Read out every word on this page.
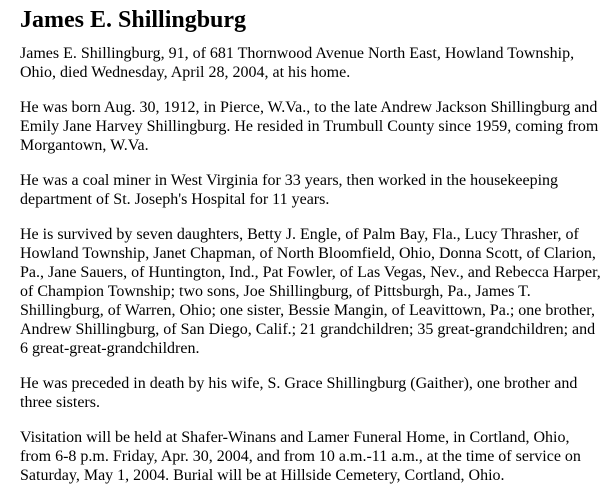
James E. Shillingburg

James E. Shillingburg, 91, of 681 Thornwood Avenue North East, Howland Township, Ohio, died Wednesday, April 28, 2004, at his home.

He was born Aug. 30, 1912, in Pierce, W.Va., to the late Andrew Jackson Shillingburg and Emily Jane Harvey Shillingburg. He resided in Trumbull County since 1959, coming from Morgantown, W.Va.

He was a coal miner in West Virginia for 33 years, then worked in the housekeeping department of St. Joseph's Hospital for 11 years.

He is survived by seven daughters, Betty J. Engle, of Palm Bay, Fla., Lucy Thrasher, of Howland Township, Janet Chapman, of North Bloomfield, Ohio, Donna Scott, of Clarion, Pa., Jane Sauers, of Huntington, Ind., Pat Fowler, of Las Vegas, Nev., and Rebecca Harper, of Champion Township; two sons, Joe Shillingburg, of Pittsburgh, Pa., James T. Shillingburg, of Warren, Ohio; one sister, Bessie Mangin, of Leavittown, Pa.; one brother, Andrew Shillingburg, of San Diego, Calif.; 21 grandchildren; 35 great-grandchildren; and 6 great-great-grandchildren.

He was preceded in death by his wife, S. Grace Shillingburg (Gaither), one brother and three sisters.

Visitation will be held at Shafer-Winans and Lamer Funeral Home, in Cortland, Ohio, from 6-8 p.m. Friday, Apr. 30, 2004, and from 10 a.m.-11 a.m., at the time of service on Saturday, May 1, 2004. Burial will be at Hillside Cemetery, Cortland, Ohio.
